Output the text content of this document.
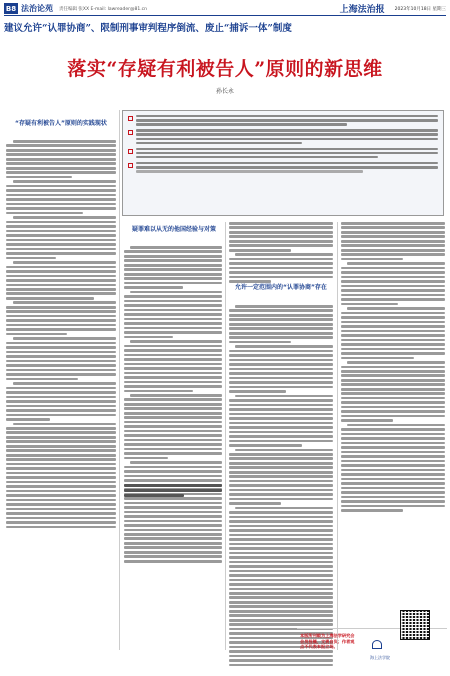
B8 法治论苑 责任编辑 张XX E-mail: lawreader@81.cn	上海法治报 2023年10月18日 星期三
建议允许“认罪协商”、限制刑事审判程序倒流、废止“捕诉一体”制度
落实“存疑有利被告人”原则的新思维
孙长永
“存疑有利被告人”原则的实践现状
疑罪难以从无的他国经验与对策
允许一定范围内的“认罪协商”存在
本版所刊载为上海法学研究会会员投稿，文责自负；作者观点不代表本报立场。
海上法学院
